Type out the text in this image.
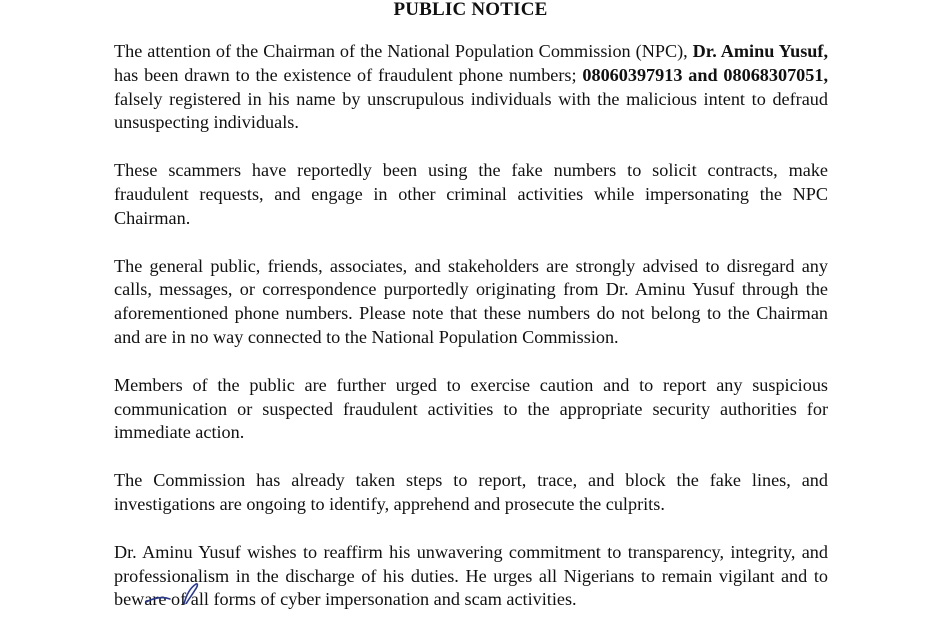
PUBLIC NOTICE

The attention of the Chairman of the National Population Commission (NPC), Dr. Aminu Yusuf, has been drawn to the existence of fraudulent phone numbers; 08060397913 and 08068307051, falsely registered in his name by unscrupulous individuals with the malicious intent to defraud unsuspecting individuals.

These scammers have reportedly been using the fake numbers to solicit contracts, make fraudulent requests, and engage in other criminal activities while impersonating the NPC Chairman.

The general public, friends, associates, and stakeholders are strongly advised to disregard any calls, messages, or correspondence purportedly originating from Dr. Aminu Yusuf through the aforementioned phone numbers. Please note that these numbers do not belong to the Chairman and are in no way connected to the National Population Commission.

Members of the public are further urged to exercise caution and to report any suspicious communication or suspected fraudulent activities to the appropriate security authorities for immediate action.

The Commission has already taken steps to report, trace, and block the fake lines, and investigations are ongoing to identify, apprehend and prosecute the culprits.

Dr. Aminu Yusuf wishes to reaffirm his unwavering commitment to transparency, integrity, and professionalism in the discharge of his duties. He urges all Nigerians to remain vigilant and to beware of all forms of cyber impersonation and scam activities.
